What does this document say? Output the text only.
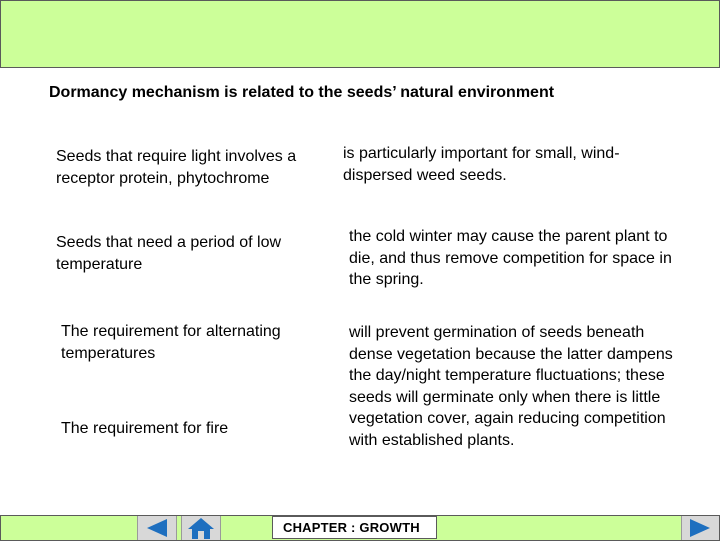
Dormancy mechanism is related to the seeds’ natural environment
Seeds that require light involves a receptor protein, phytochrome
Seeds that need a period of low temperature
The requirement for alternating temperatures
The requirement for fire
is particularly important for small, wind-dispersed weed seeds.
the cold winter may cause the parent plant to die, and thus remove competition for space in the spring.
will prevent germination of seeds beneath dense vegetation because the latter dampens the day/night temperature fluctuations; these seeds will germinate only when there is little vegetation cover, again reducing competition with established plants.
CHAPTER : GROWTH
